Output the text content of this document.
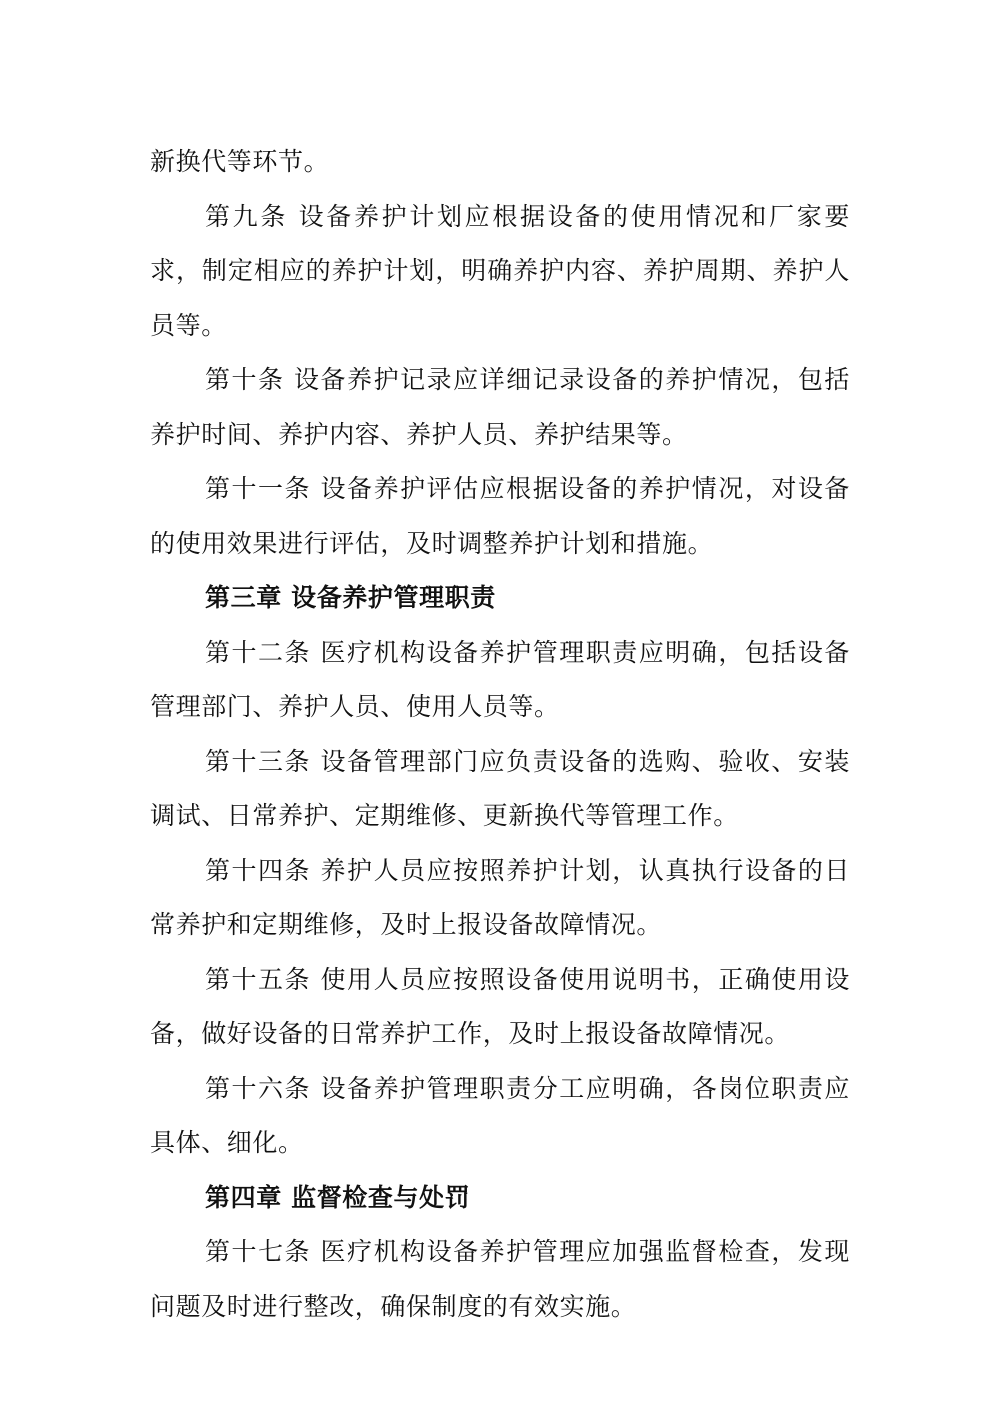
新换代等环节。

第九条 设备养护计划应根据设备的使用情况和厂家要求，制定相应的养护计划，明确养护内容、养护周期、养护人员等。

第十条 设备养护记录应详细记录设备的养护情况，包括养护时间、养护内容、养护人员、养护结果等。

第十一条 设备养护评估应根据设备的养护情况，对设备的使用效果进行评估，及时调整养护计划和措施。

第三章 设备养护管理职责

第十二条 医疗机构设备养护管理职责应明确，包括设备管理部门、养护人员、使用人员等。

第十三条 设备管理部门应负责设备的选购、验收、安装调试、日常养护、定期维修、更新换代等管理工作。

第十四条 养护人员应按照养护计划，认真执行设备的日常养护和定期维修，及时上报设备故障情况。

第十五条 使用人员应按照设备使用说明书，正确使用设备，做好设备的日常养护工作，及时上报设备故障情况。

第十六条 设备养护管理职责分工应明确，各岗位职责应具体、细化。

第四章 监督检查与处罚

第十七条 医疗机构设备养护管理应加强监督检查，发现问题及时进行整改，确保制度的有效实施。
